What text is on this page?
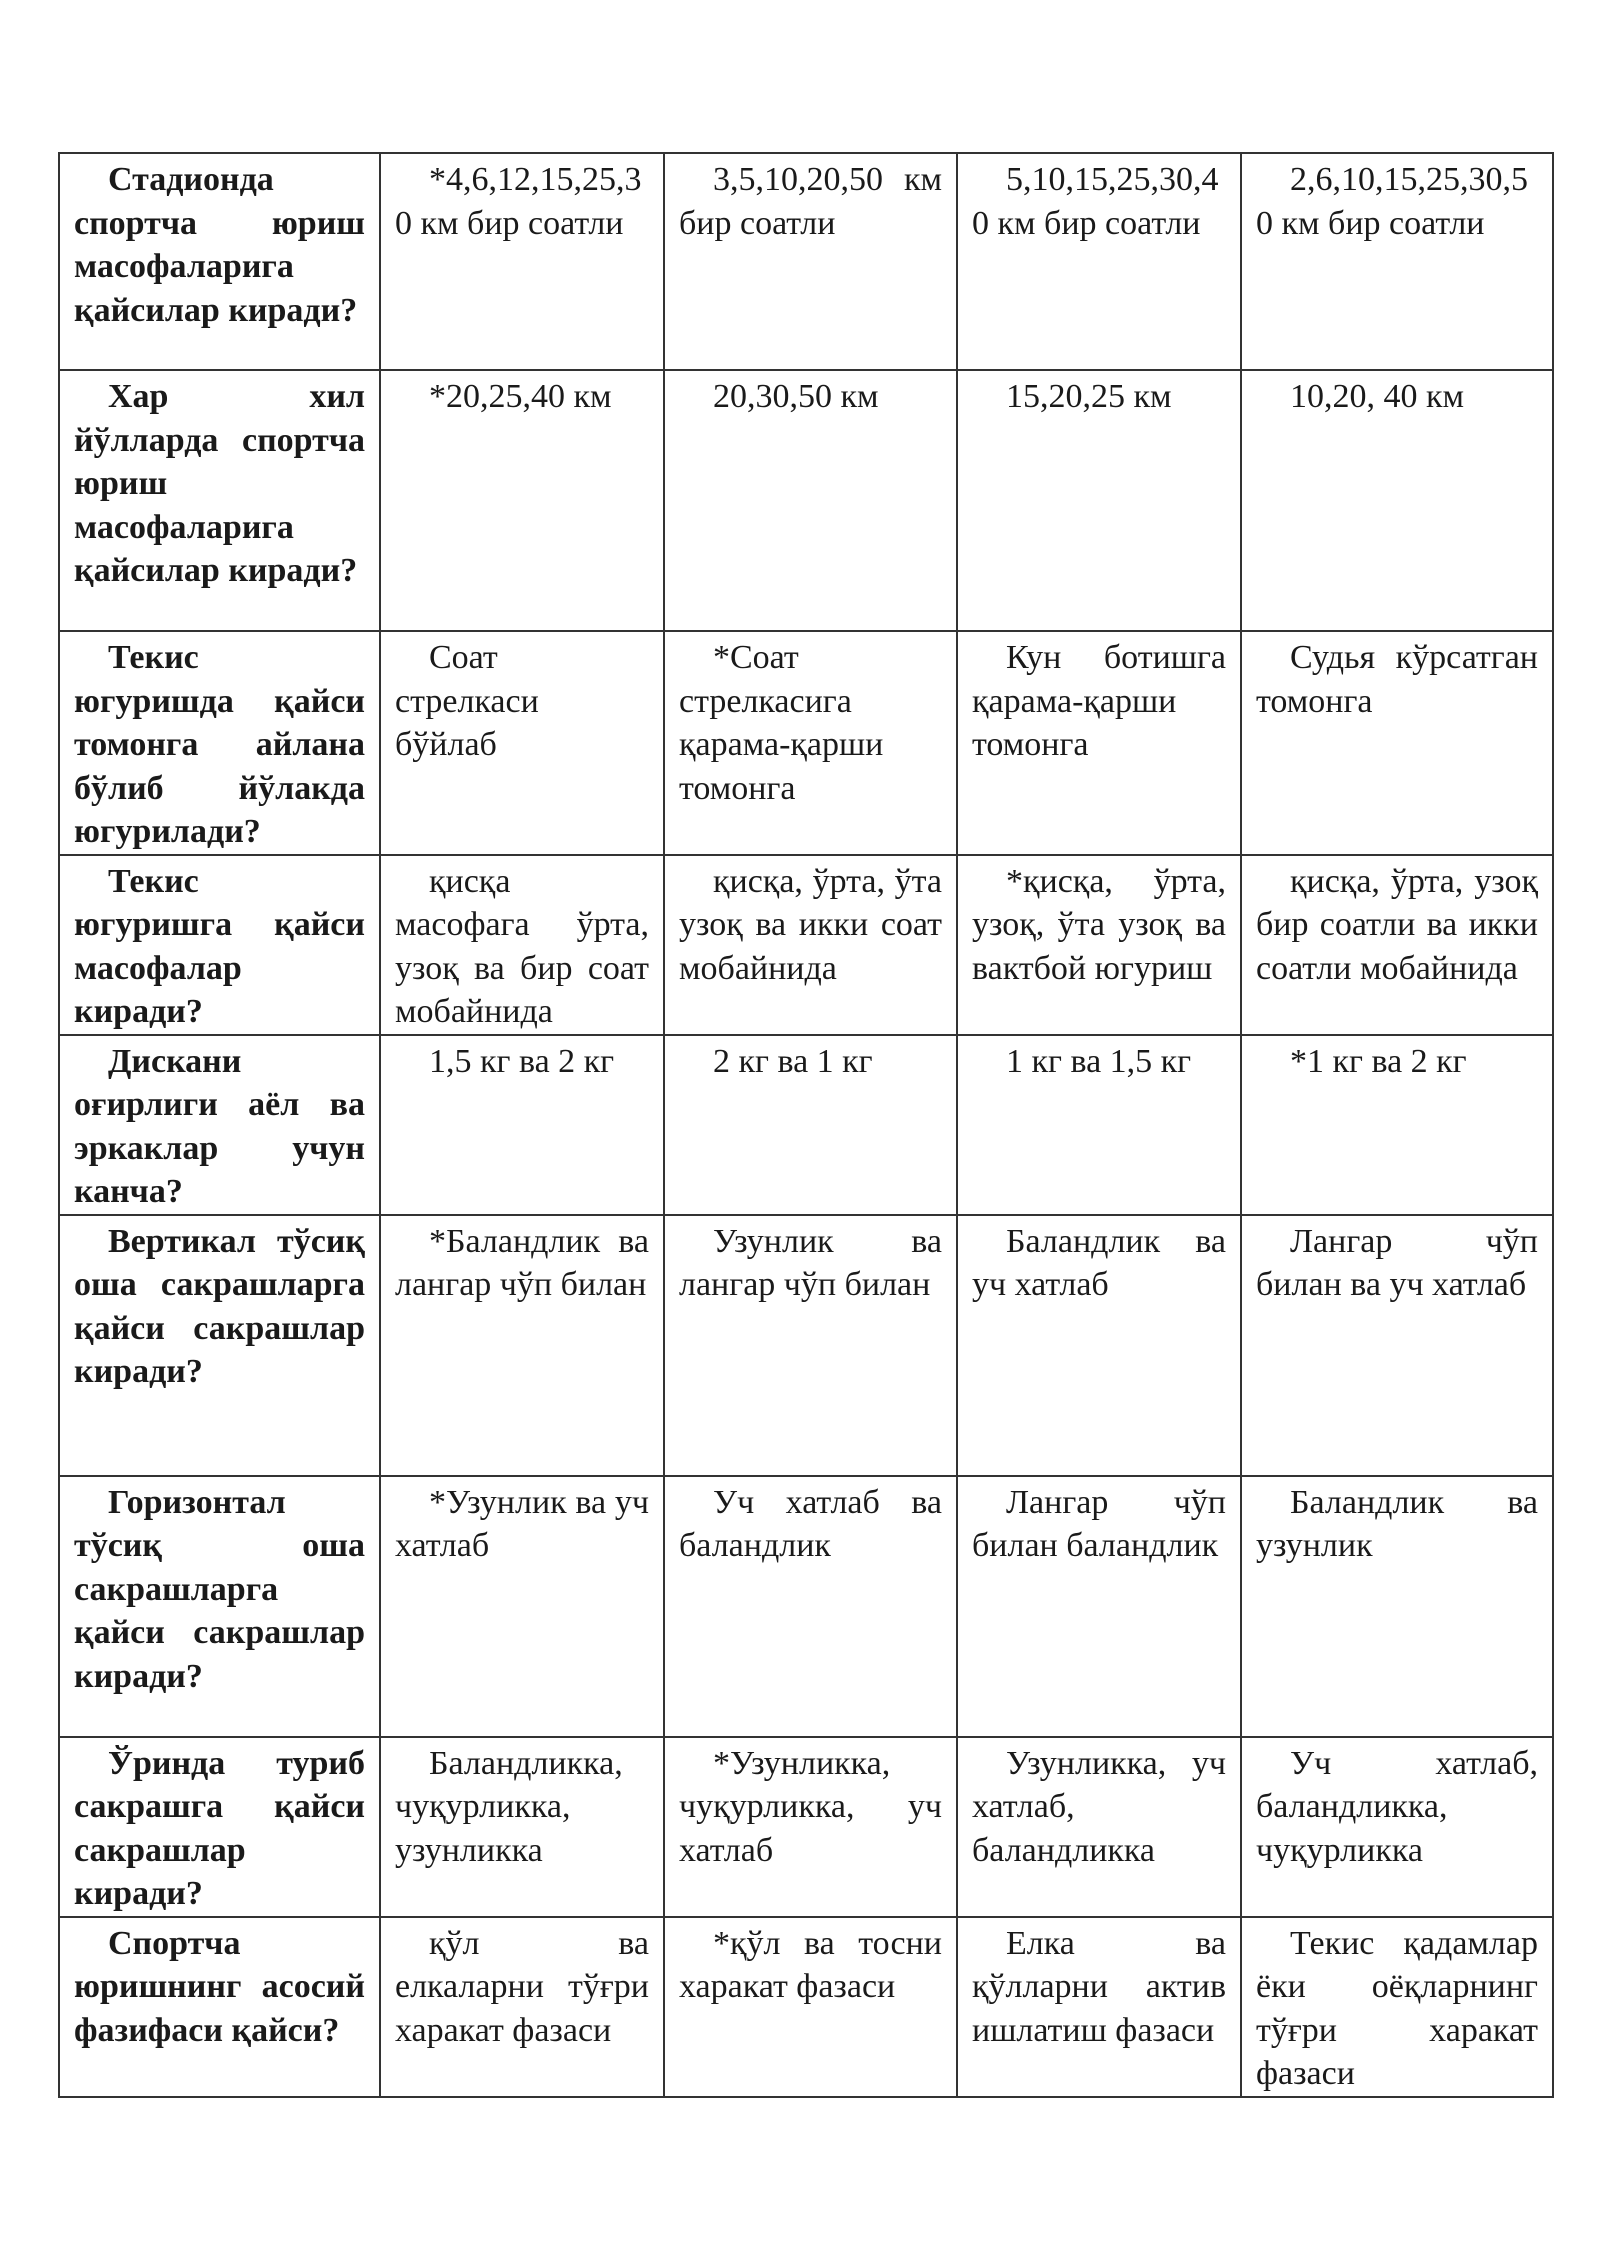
Стадионда спортча юриш масофаларига қайсилар киради?	*4,6,12,15,25,30 км бир соатли	3,5,10,20,50 км бир соатли	5,10,15,25,30,40 км бир соатли	2,6,10,15,25,30,50 км бир соатли

Хар хил йўлларда спортча юриш масофаларига қайсилар киради?	*20,25,40 км	20,30,50 км	15,20,25 км	10,20, 40 км

Текис югуришда қайси томонга айлана бўлиб йўлакда югурилади?	Соат стрелкаси бўйлаб	*Соат стрелкасига қарама-қарши томонга	Кун ботишга қарама-қарши томонга	Судья кўрсатган томонга

Текис югуришга қайси масофалар киради?	қисқа масофага ўрта, узоқ ва бир соат мобайнида	қисқа, ўрта, ўта узоқ ва икки соат мобайнида	*қисқа, ўрта, узоқ, ўта узоқ ва вактбой югуриш	қисқа, ўрта, узоқ бир соатли ва икки соатли мобайнида

Дискани оғирлиги аёл ва эркаклар учун канча?	1,5 кг ва 2 кг	2 кг ва 1 кг	1 кг ва 1,5 кг	*1 кг ва 2 кг

Вертикал тўсиқ оша сакрашларга қайси сакрашлар киради?	*Баландлик ва лангар чўп билан	Узунлик ва лангар чўп билан	Баландлик ва уч хатлаб	Лангар чўп билан ва уч хатлаб

Горизонтал тўсиқ оша сакрашларга қайси сакрашлар киради?	*Узунлик ва уч хатлаб	Уч хатлаб ва баландлик	Лангар чўп билан баландлик	Баландлик ва узунлик

Ўринда туриб сакрашга қайси сакрашлар киради?	Баландликка, чуқурликка, узунликка	*Узунликка, чуқурликка, уч хатлаб	Узунликка, уч хатлаб, баландликка	Уч хатлаб, баландликка, чуқурликка

Спортча юришнинг асосий фазифаси қайси?	қўл ва елкаларни тўғри харакат фазаси	*қўл ва тосни харакат фазаси	Елка ва қўлларни актив ишлатиш фазаси	Текис қадамлар ёки оёқларнинг тўғри харакат фазаси
